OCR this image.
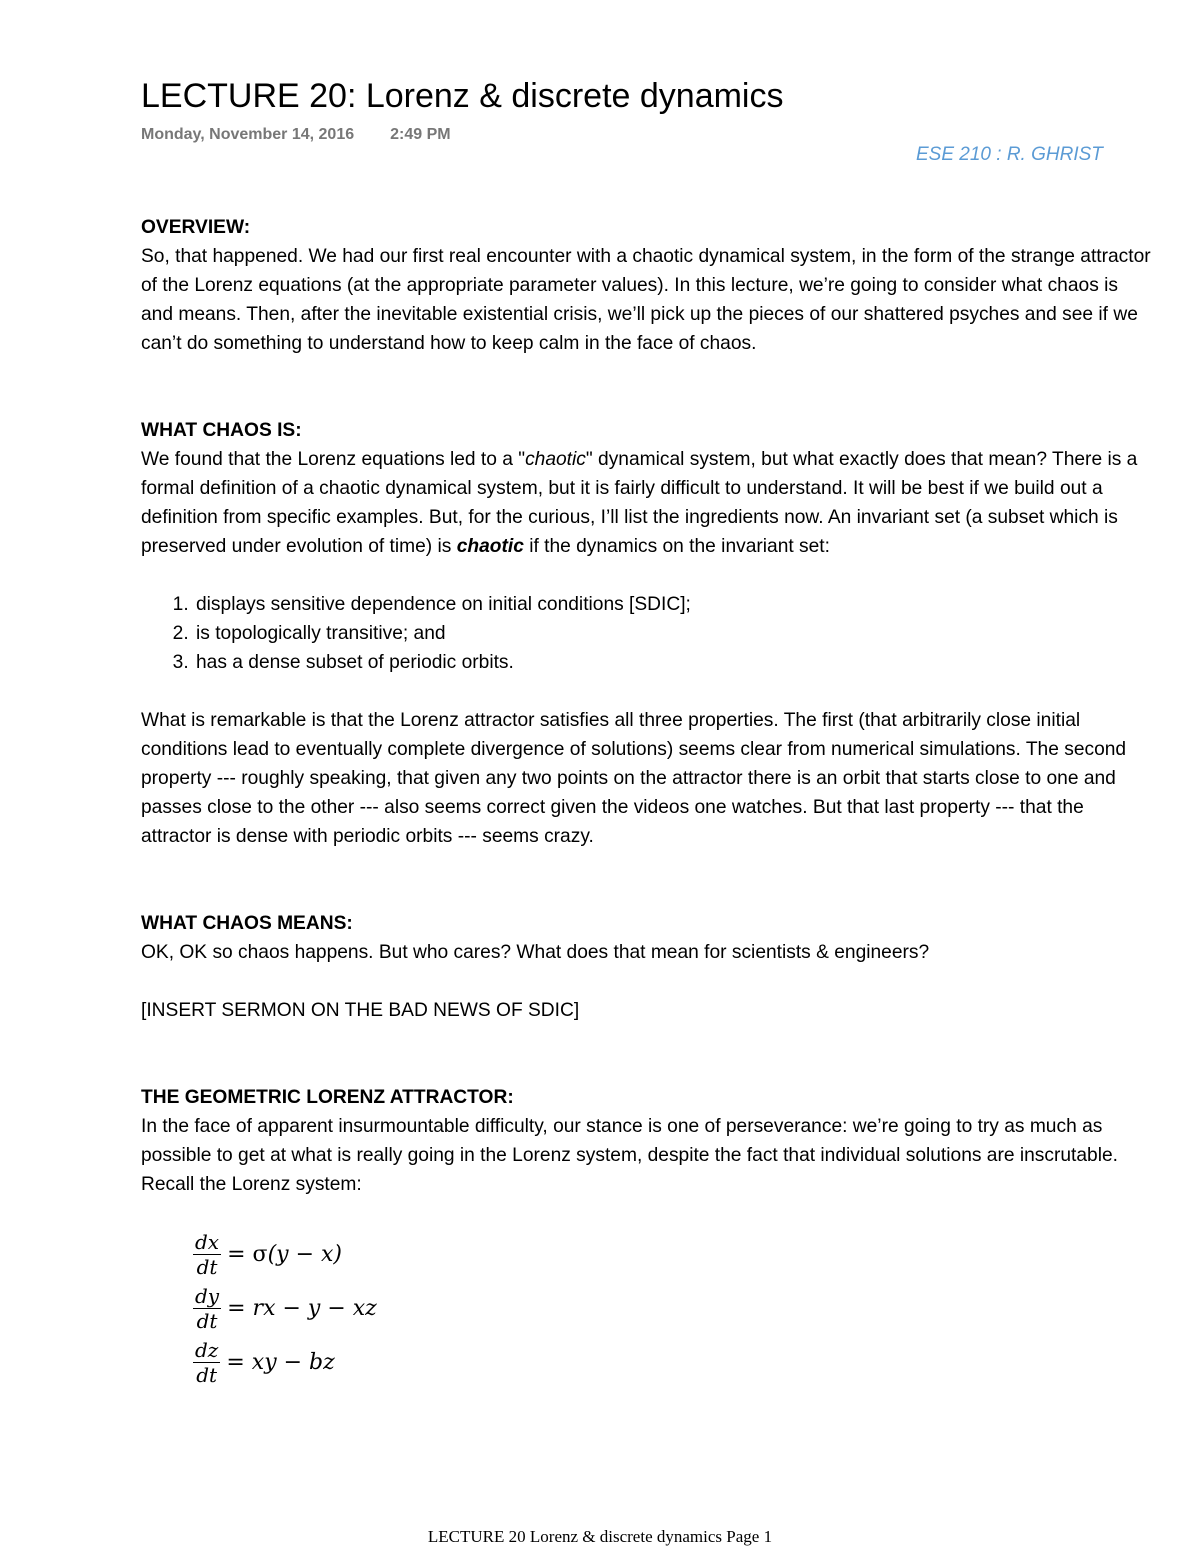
LECTURE 20: Lorenz & discrete dynamics
Monday, November 14, 2016 2:49 PM
ESE 210 : R. GHRIST

OVERVIEW:

So, that happened. We had our first real encounter with a chaotic dynamical system, in the form of the strange attractor of the Lorenz equations (at the appropriate parameter values). In this lecture, we’re going to consider what chaos is and means. Then, after the inevitable existential crisis, we’ll pick up the pieces of our shattered psyches and see if we can’t do something to understand how to keep calm in the face of chaos.

WHAT CHAOS IS:

We found that the Lorenz equations led to a "chaotic" dynamical system, but what exactly does that mean? There is a formal definition of a chaotic dynamical system, but it is fairly difficult to understand. It will be best if we build out a definition from specific examples. But, for the curious, I’ll list the ingredients now. An invariant set (a subset which is preserved under evolution of time) is chaotic if the dynamics on the invariant set:

1. displays sensitive dependence on initial conditions [SDIC];
2. is topologically transitive; and
3. has a dense subset of periodic orbits.

What is remarkable is that the Lorenz attractor satisfies all three properties. The first (that arbitrarily close initial conditions lead to eventually complete divergence of solutions) seems clear from numerical simulations. The second property --- roughly speaking, that given any two points on the attractor there is an orbit that starts close to one and passes close to the other --- also seems correct given the videos one watches. But that last property --- that the attractor is dense with periodic orbits --- seems crazy.

WHAT CHAOS MEANS:

OK, OK so chaos happens. But who cares? What does that mean for scientists & engineers?

[INSERT SERMON ON THE BAD NEWS OF SDIC]

THE GEOMETRIC LORENZ ATTRACTOR:

In the face of apparent insurmountable difficulty, our stance is one of perseverance: we’re going to try as much as possible to get at what is really going in the Lorenz system, despite the fact that individual solutions are inscrutable. Recall the Lorenz system:

$\frac{dx}{dt} = \sigma(y - x)$
$\frac{dy}{dt}$ = rx − y − xz
$\frac{dz}{dt}$ = xy − bz
LECTURE 20 Lorenz & discrete dynamics Page 1
